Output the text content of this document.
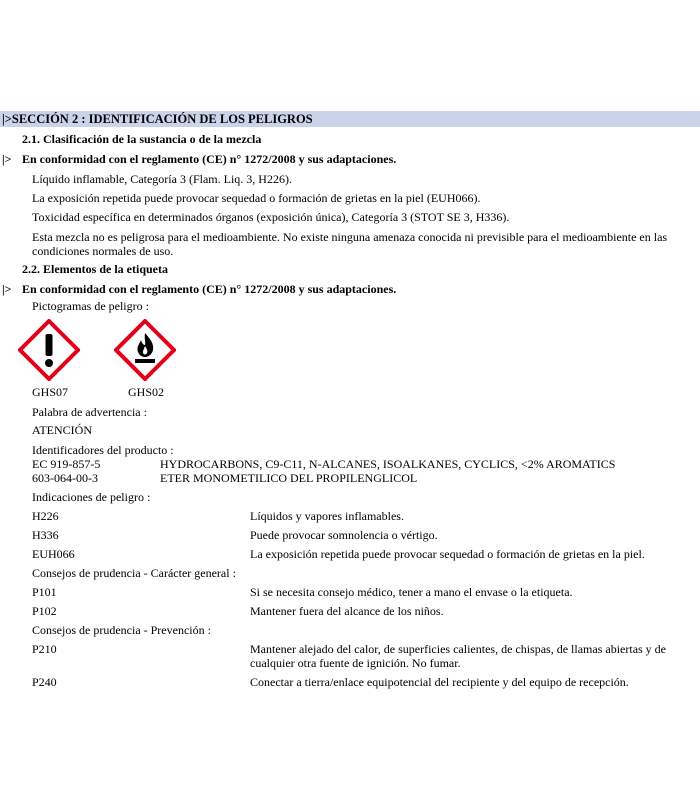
|>SECCIÓN 2 : IDENTIFICACIÓN DE LOS PELIGROS
2.1. Clasificación de la sustancia o de la mezcla
|> En conformidad con el reglamento (CE) n° 1272/2008 y sus adaptaciones.
Líquido inflamable, Categoría 3 (Flam. Liq. 3, H226).
La exposición repetida puede provocar sequedad o formación de grietas en la piel (EUH066).
Toxicidad específica en determinados órganos (exposición única), Categoría 3 (STOT SE 3, H336).
Esta mezcla no es peligrosa para el medioambiente. No existe ninguna amenaza conocida ni previsible para el medioambiente en las condiciones normales de uso.
2.2. Elementos de la etiqueta
|> En conformidad con el reglamento (CE) n° 1272/2008 y sus adaptaciones.
Pictogramas de peligro :
GHS07	GHS02
Palabra de advertencia :
ATENCIÓN
Identificadores del producto :
EC 919-857-5	HYDROCARBONS, C9-C11, N-ALCANES, ISOALKANES, CYCLICS, <2% AROMATICS
603-064-00-3	ETER MONOMETILICO DEL PROPILENGLICOL
Indicaciones de peligro :
H226	Líquidos y vapores inflamables.
H336	Puede provocar somnolencia o vértigo.
EUH066	La exposición repetida puede provocar sequedad o formación de grietas en la piel.
Consejos de prudencia - Carácter general :
P101	Si se necesita consejo médico, tener a mano el envase o la etiqueta.
P102	Mantener fuera del alcance de los niños.
Consejos de prudencia - Prevención :
P210	Mantener alejado del calor, de superficies calientes, de chispas, de llamas abiertas y de cualquier otra fuente de ignición. No fumar.
P240	Conectar a tierra/enlace equipotencial del recipiente y del equipo de recepción.
